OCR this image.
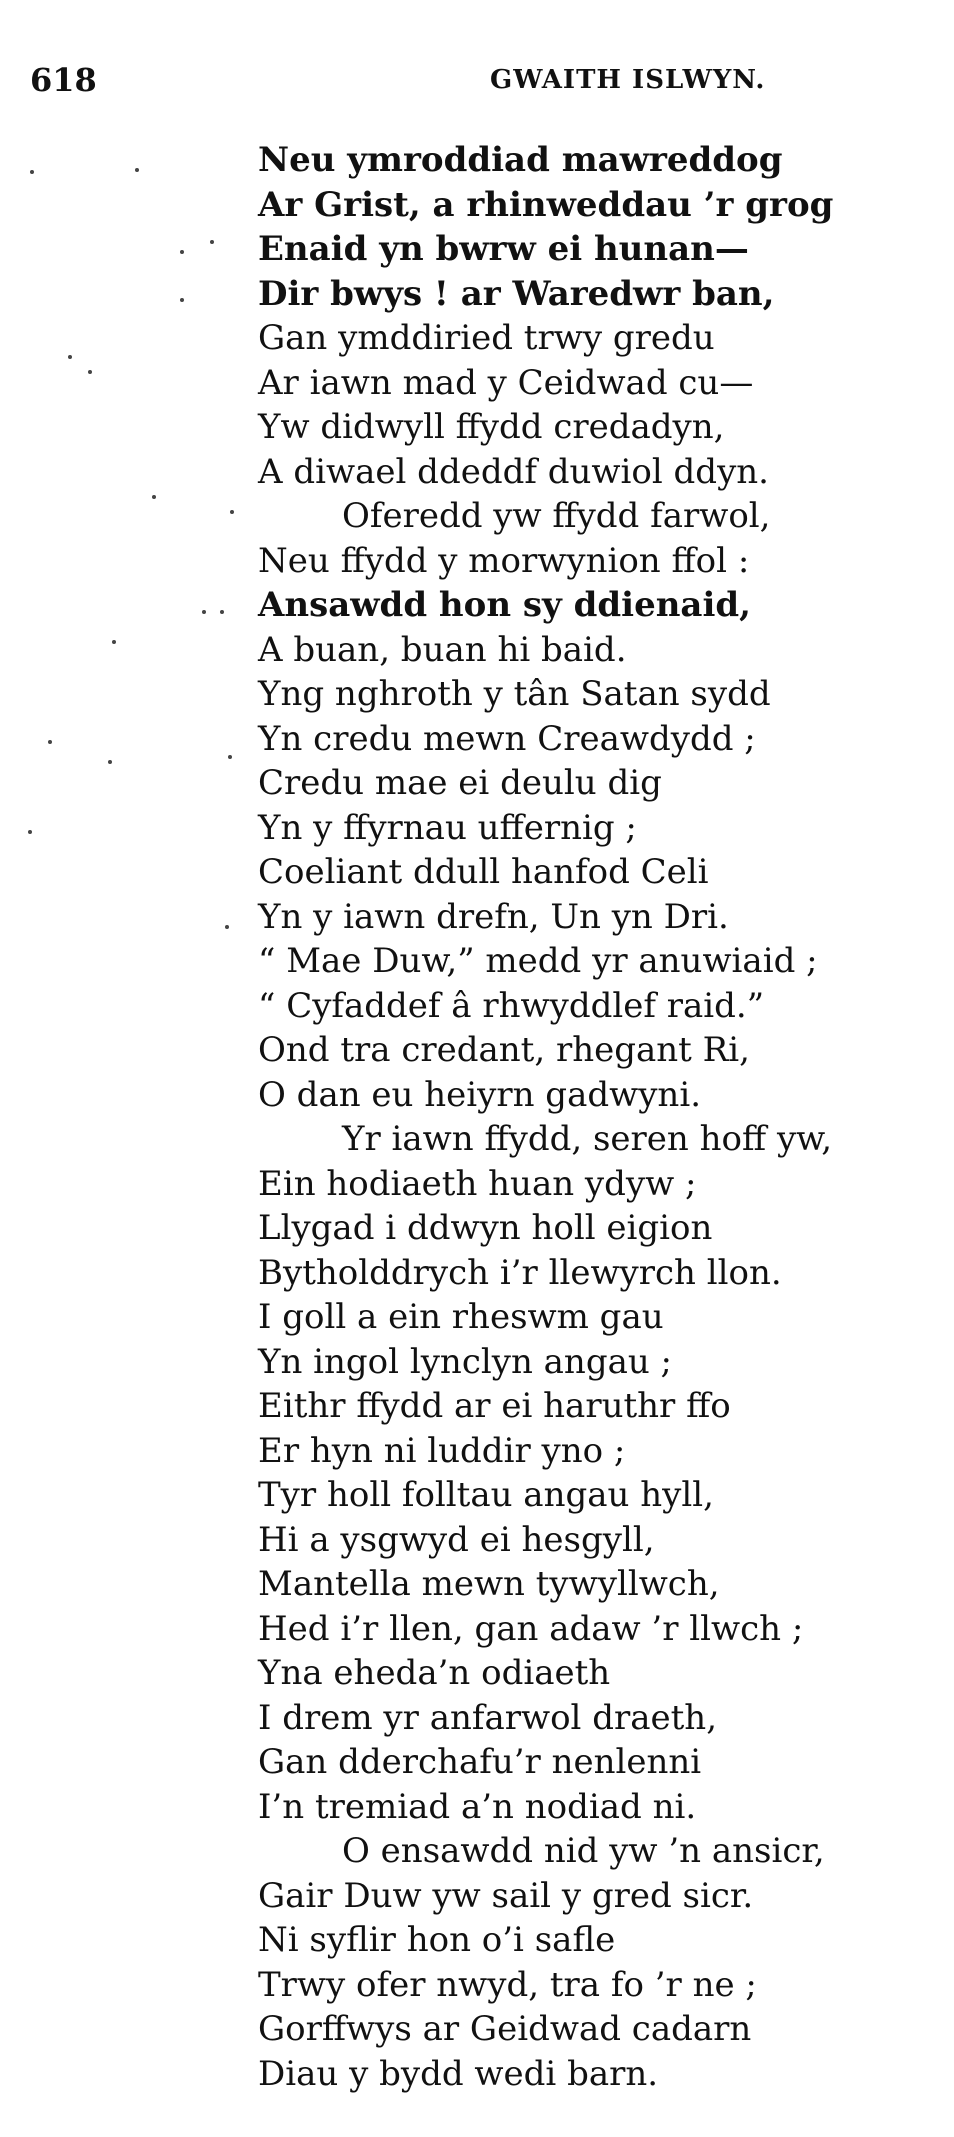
618	GWAITH ISLWYN.
Neu ymroddiad mawreddog
Ar Grist, a rhinweddau ’r grog
Enaid yn bwrw ei hunan—
Dir bwys ! ar Waredwr ban,
Gan ymddiried trwy gredu
Ar iawn mad y Ceidwad cu—
Yw didwyll ffydd credadyn,
A diwael ddeddf duwiol ddyn.
Oferedd yw ffydd farwol,
Neu ffydd y morwynion ffol :
Ansawdd hon sy ddienaid,
A buan, buan hi baid.
Yng nghroth y tân Satan sydd
Yn credu mewn Creawdydd ;
Credu mae ei deulu dig
Yn y ffyrnau uffernig ;
Coeliant ddull hanfod Celi
Yn y iawn drefn, Un yn Dri.
“ Mae Duw,” medd yr anuwiaid ;
“ Cyfaddef â rhwyddlef raid.”
Ond tra credant, rhegant Ri,
O dan eu heiyrn gadwyni.
Yr iawn ffydd, seren hoff yw,
Ein hodiaeth huan ydyw ;
Llygad i ddwyn holl eigion
Bytholddrych i’r llewyrch llon.
I goll a ein rheswm gau
Yn ingol lynclyn angau ;
Eithr ffydd ar ei haruthr ffo
Er hyn ni luddir yno ;
Tyr holl folltau angau hyll,
Hi a ysgwyd ei hesgyll,
Mantella mewn tywyllwch,
Hed i’r llen, gan adaw ’r llwch ;
Yna eheda’n odiaeth
I drem yr anfarwol draeth,
Gan dderchafu’r nenlenni
I’n tremiad a’n nodiad ni.
O ensawdd nid yw ’n ansicr,
Gair Duw yw sail y gred sicr.
Ni syflir hon o’i safle
Trwy ofer nwyd, tra fo ’r ne ;
Gorffwys ar Geidwad cadarn
Diau y bydd wedi barn.
